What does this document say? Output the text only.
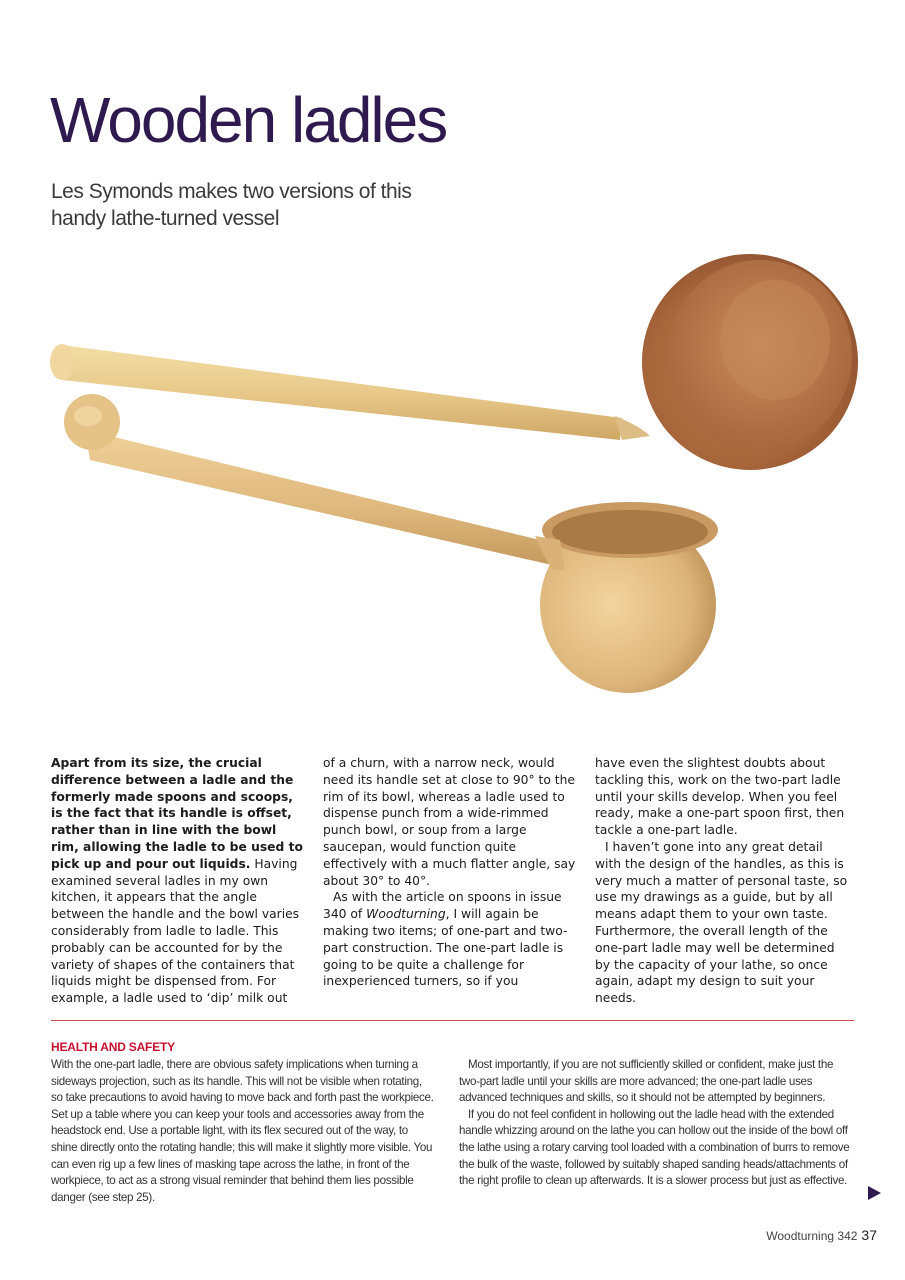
Wooden ladles

Les Symonds makes two versions of this handy lathe-turned vessel

Apart from its size, the crucial difference between a ladle and the formerly made spoons and scoops, is the fact that its handle is offset, rather than in line with the bowl rim, allowing the ladle to be used to pick up and pour out liquids. Having examined several ladles in my own kitchen, it appears that the angle between the handle and the bowl varies considerably from ladle to ladle. This probably can be accounted for by the variety of shapes of the containers that liquids might be dispensed from. For example, a ladle used to ‘dip’ milk out

of a churn, with a narrow neck, would need its handle set at close to 90° to the rim of its bowl, whereas a ladle used to dispense punch from a wide-rimmed punch bowl, or soup from a large saucepan, would function quite effectively with a much flatter angle, say about 30° to 40°.

As with the article on spoons in issue 340 of Woodturning, I will again be making two items; of one-part and two-part construction. The one-part ladle is going to be quite a challenge for inexperienced turners, so if you

have even the slightest doubts about tackling this, work on the two-part ladle until your skills develop. When you feel ready, make a one-part spoon first, then tackle a one-part ladle.

I haven’t gone into any great detail with the design of the handles, as this is very much a matter of personal taste, so use my drawings as a guide, but by all means adapt them to your own taste. Furthermore, the overall length of the one-part ladle may well be determined by the capacity of your lathe, so once again, adapt my design to suit your needs.

HEALTH AND SAFETY

With the one-part ladle, there are obvious safety implications when turning a sideways projection, such as its handle. This will not be visible when rotating, so take precautions to avoid having to move back and forth past the workpiece. Set up a table where you can keep your tools and accessories away from the headstock end. Use a portable light, with its flex secured out of the way, to shine directly onto the rotating handle; this will make it slightly more visible. You can even rig up a few lines of masking tape across the lathe, in front of the workpiece, to act as a strong visual reminder that behind them lies possible danger (see step 25).

Most importantly, if you are not sufficiently skilled or confident, make just the two-part ladle until your skills are more advanced; the one-part ladle uses advanced techniques and skills, so it should not be attempted by beginners.

If you do not feel confident in hollowing out the ladle head with the extended handle whizzing around on the lathe you can hollow out the inside of the bowl off the lathe using a rotary carving tool loaded with a combination of burrs to remove the bulk of the waste, followed by suitably shaped sanding heads/attachments of the right profile to clean up afterwards. It is a slower process but just as effective.

Woodturning 342 37
